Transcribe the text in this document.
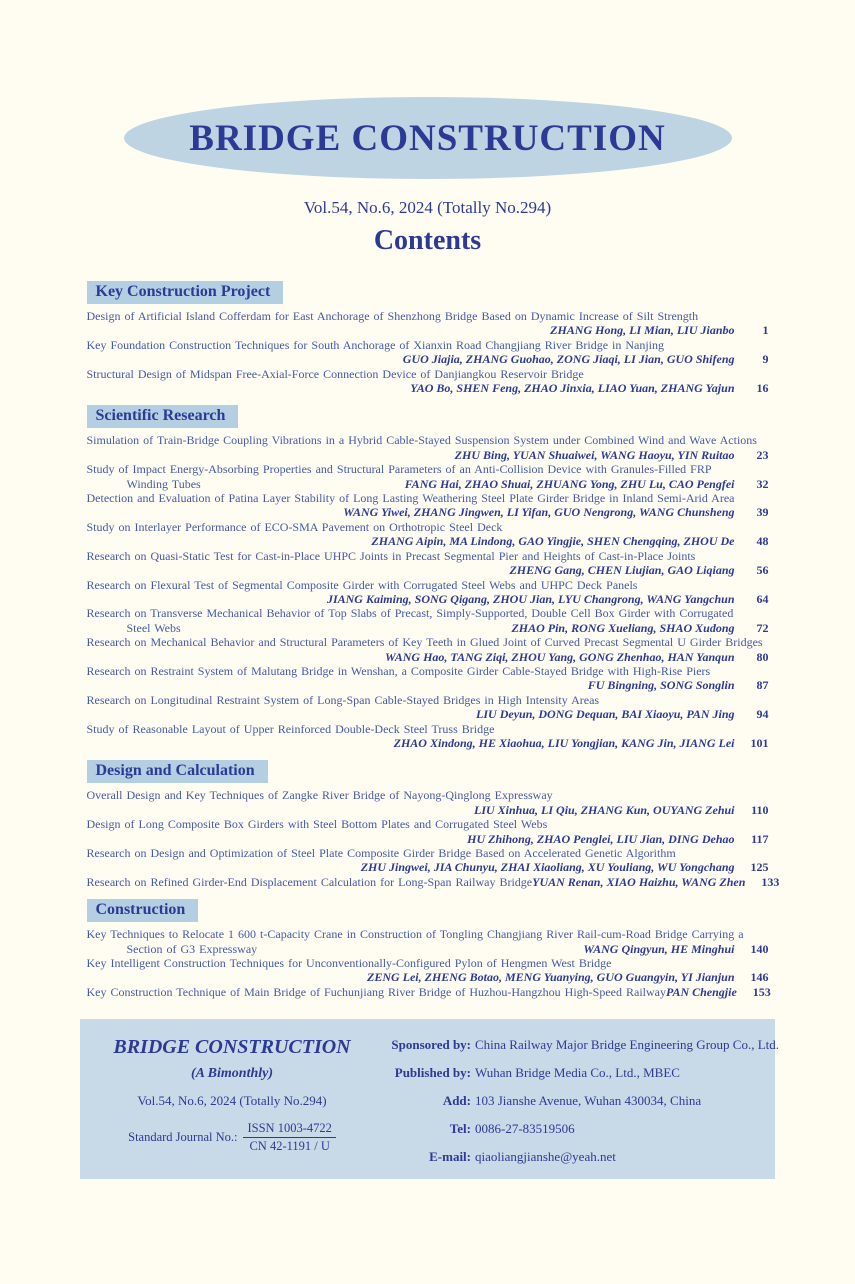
BRIDGE CONSTRUCTION
Vol.54, No.6, 2024 (Totally No.294)
Contents
Key Construction Project
Design of Artificial Island Cofferdam for East Anchorage of Shenzhong Bridge Based on Dynamic Increase of Silt Strength
ZHANG Hong, LI Mian, LIU Jianbo	1
Key Foundation Construction Techniques for South Anchorage of Xianxin Road Changjiang River Bridge in Nanjing
GUO Jiajia, ZHANG Guohao, ZONG Jiaqi, LI Jian, GUO Shifeng	9
Structural Design of Midspan Free-Axial-Force Connection Device of Danjiangkou Reservoir Bridge
YAO Bo, SHEN Feng, ZHAO Jinxia, LIAO Yuan, ZHANG Yajun	16
Scientific Research
Simulation of Train-Bridge Coupling Vibrations in a Hybrid Cable-Stayed Suspension System under Combined Wind and Wave Actions
ZHU Bing, YUAN Shuaiwei, WANG Haoyu, YIN Ruitao	23
Study of Impact Energy-Absorbing Properties and Structural Parameters of an Anti-Collision Device with Granules-Filled FRP
Winding Tubes	FANG Hai, ZHAO Shuai, ZHUANG Yong, ZHU Lu, CAO Pengfei	32
Detection and Evaluation of Patina Layer Stability of Long Lasting Weathering Steel Plate Girder Bridge in Inland Semi-Arid Area
WANG Yiwei, ZHANG Jingwen, LI Yifan, GUO Nengrong, WANG Chunsheng	39
Study on Interlayer Performance of ECO-SMA Pavement on Orthotropic Steel Deck
ZHANG Aipin, MA Lindong, GAO Yingjie, SHEN Chengqing, ZHOU De	48
Research on Quasi-Static Test for Cast-in-Place UHPC Joints in Precast Segmental Pier and Heights of Cast-in-Place Joints
ZHENG Gang, CHEN Liujian, GAO Liqiang	56
Research on Flexural Test of Segmental Composite Girder with Corrugated Steel Webs and UHPC Deck Panels
JIANG Kaiming, SONG Qigang, ZHOU Jian, LYU Changrong, WANG Yangchun	64
Research on Transverse Mechanical Behavior of Top Slabs of Precast, Simply-Supported, Double Cell Box Girder with Corrugated
Steel Webs	ZHAO Pin, RONG Xueliang, SHAO Xudong	72
Research on Mechanical Behavior and Structural Parameters of Key Teeth in Glued Joint of Curved Precast Segmental U Girder Bridges
WANG Hao, TANG Ziqi, ZHOU Yang, GONG Zhenhao, HAN Yanqun	80
Research on Restraint System of Malutang Bridge in Wenshan, a Composite Girder Cable-Stayed Bridge with High-Rise Piers
FU Bingning, SONG Songlin	87
Research on Longitudinal Restraint System of Long-Span Cable-Stayed Bridges in High Intensity Areas
LIU Deyun, DONG Dequan, BAI Xiaoyu, PAN Jing	94
Study of Reasonable Layout of Upper Reinforced Double-Deck Steel Truss Bridge
ZHAO Xindong, HE Xiaohua, LIU Yongjian, KANG Jin, JIANG Lei	101
Design and Calculation
Overall Design and Key Techniques of Zangke River Bridge of Nayong-Qinglong Expressway
LIU Xinhua, LI Qiu, ZHANG Kun, OUYANG Zehui	110
Design of Long Composite Box Girders with Steel Bottom Plates and Corrugated Steel Webs
HU Zhihong, ZHAO Penglei, LIU Jian, DING Dehao	117
Research on Design and Optimization of Steel Plate Composite Girder Bridge Based on Accelerated Genetic Algorithm
ZHU Jingwei, JIA Chunyu, ZHAI Xiaoliang, XU Youliang, WU Yongchang	125
Research on Refined Girder-End Displacement Calculation for Long-Span Railway Bridge YUAN Renan, XIAO Haizhu, WANG Zhen	133
Construction
Key Techniques to Relocate 1 600 t-Capacity Crane in Construction of Tongling Changjiang River Rail-cum-Road Bridge Carrying a
Section of G3 Expressway	WANG Qingyun, HE Minghui	140
Key Intelligent Construction Techniques for Unconventionally-Configured Pylon of Hengmen West Bridge
ZENG Lei, ZHENG Botao, MENG Yuanying, GUO Guangyin, YI Jianjun	146
Key Construction Technique of Main Bridge of Fuchunjiang River Bridge of Huzhou-Hangzhou High-Speed Railway PAN Chengjie	153
BRIDGE CONSTRUCTION
(A Bimonthly)
Vol.54, No.6, 2024 (Totally No.294)
Standard Journal No.: $\frac{\text{ISSN 1003-4722}}{CN 42-1191 / U}$
Sponsored by: China Railway Major Bridge Engineering Group Co., Ltd.
Published by: Wuhan Bridge Media Co., Ltd., MBEC
Add: 103 Jianshe Avenue, Wuhan 430034, China
Tel: 0086-27-83519506
E-mail: qiaoliangjianshe@yeah.net
